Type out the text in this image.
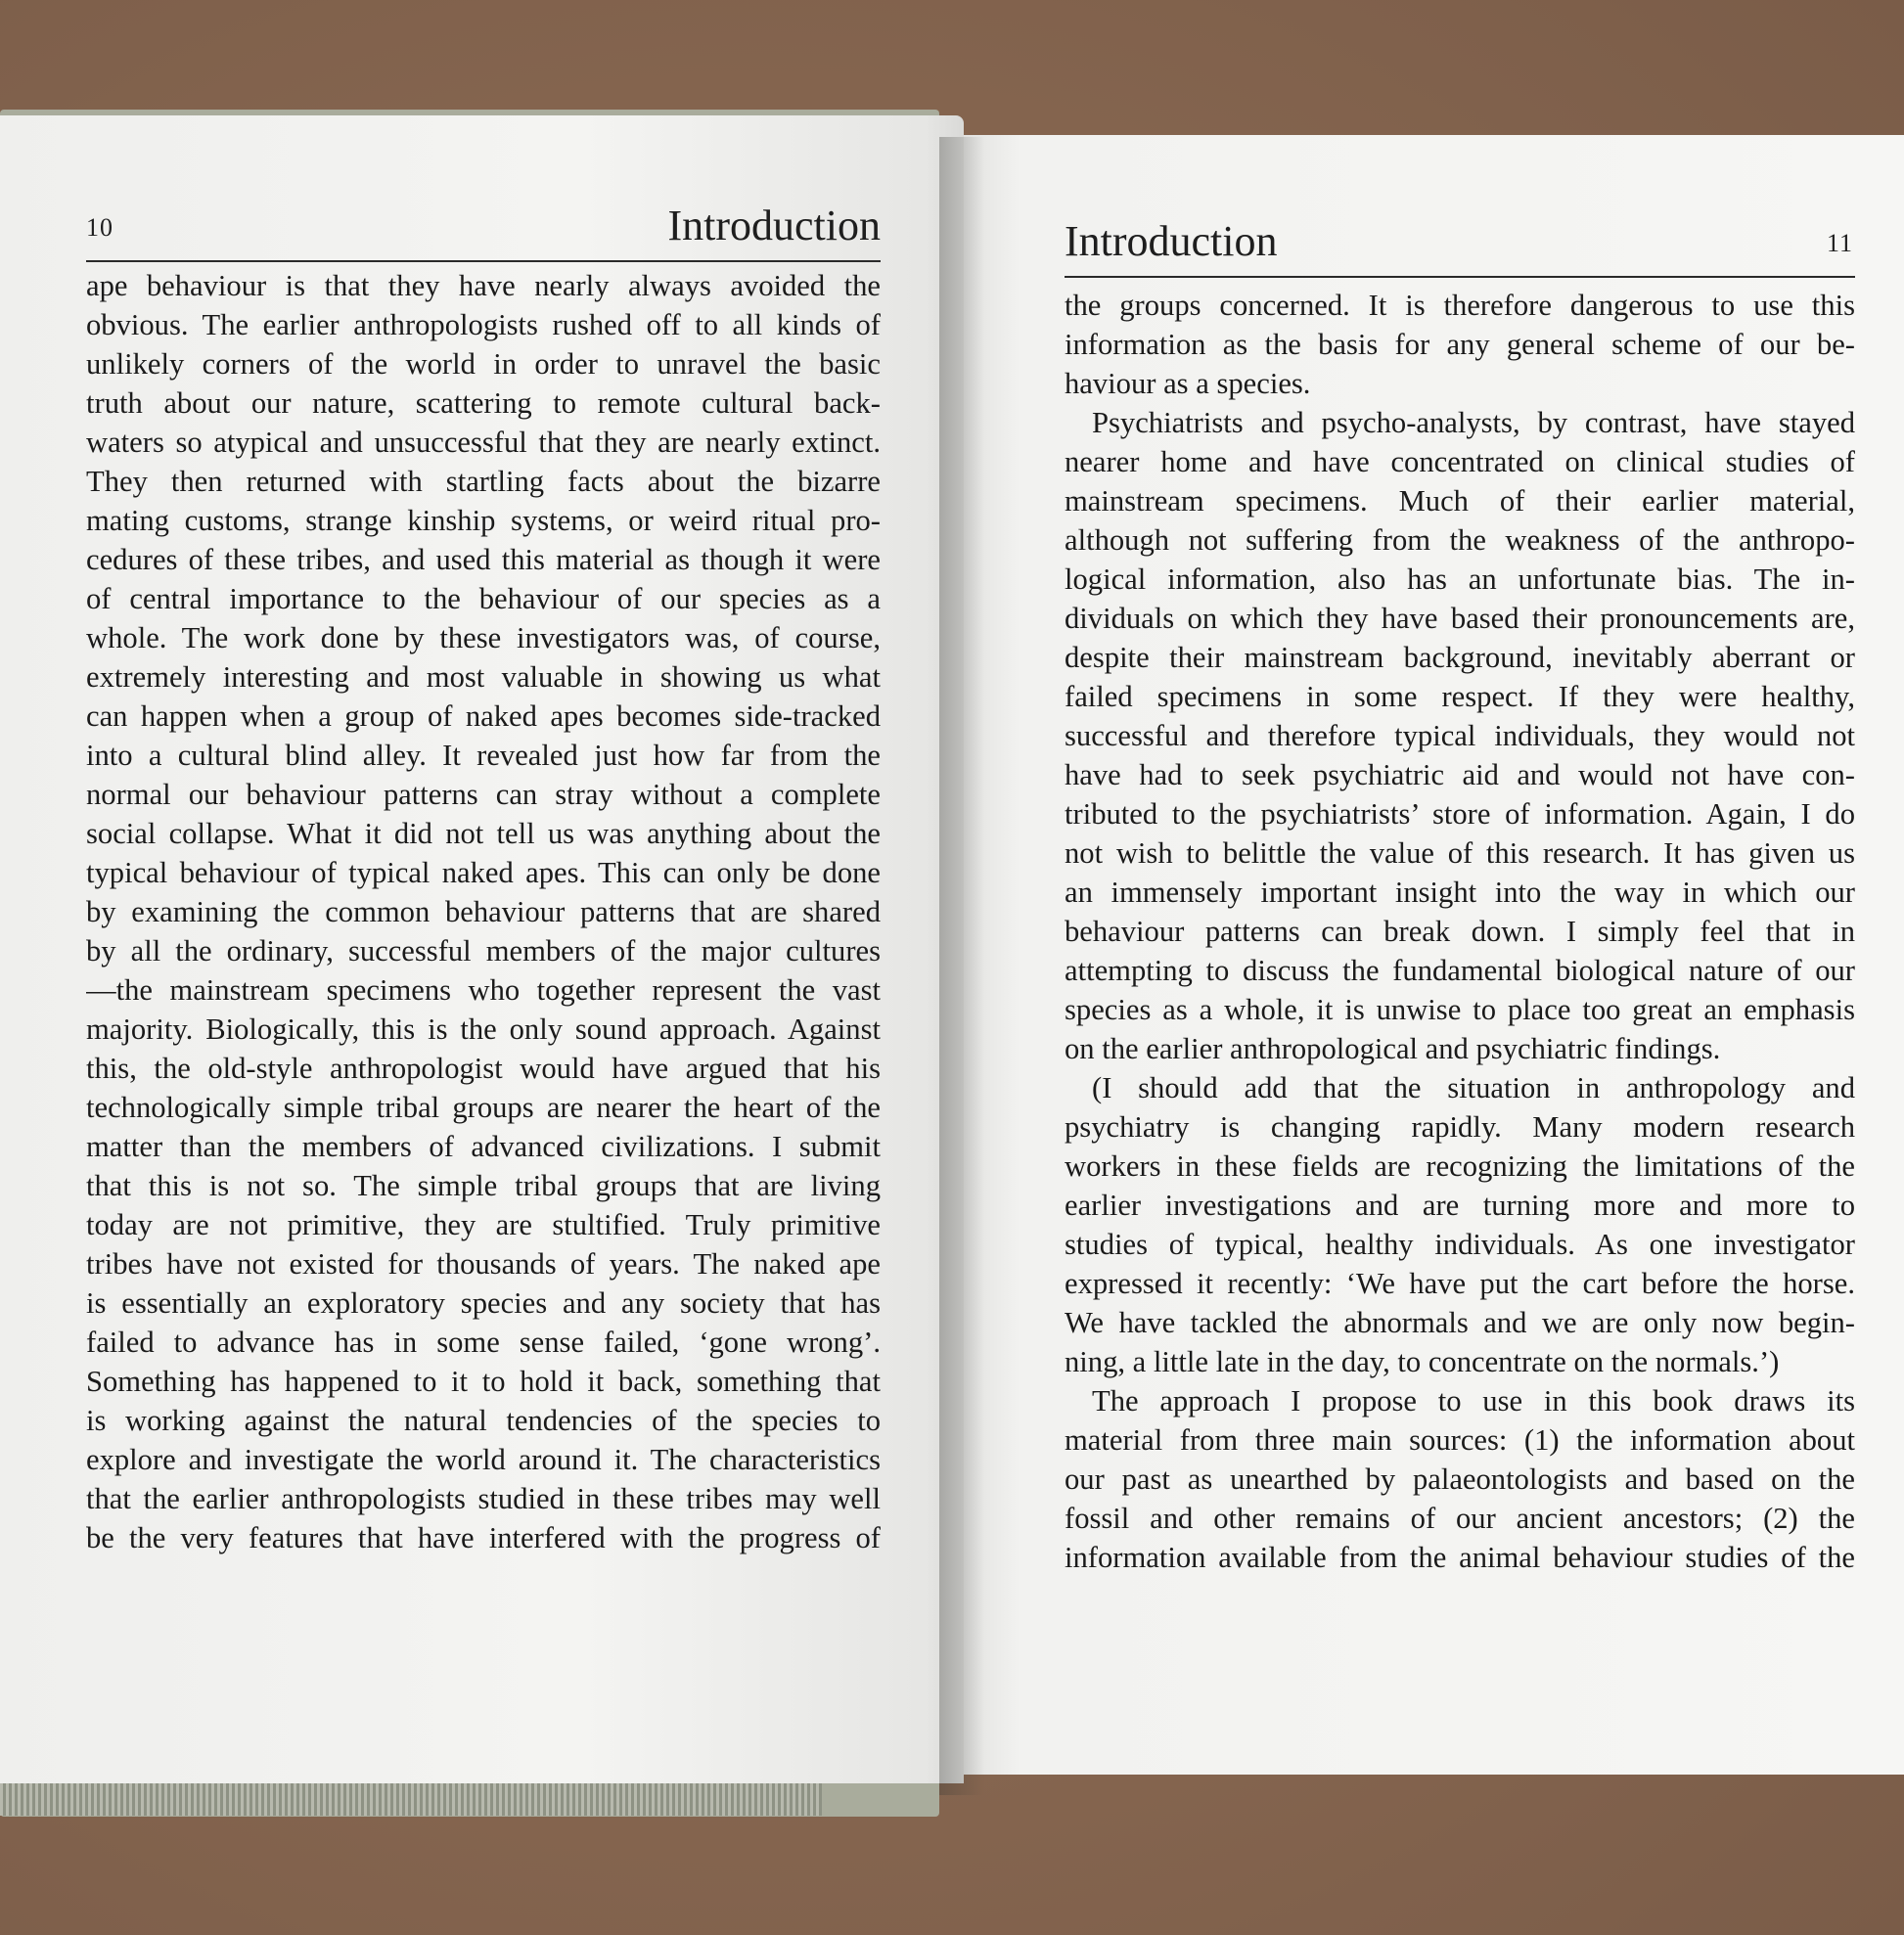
10	Introduction	Introduction	11
ape behaviour is that they have nearly always avoided the
obvious. The earlier anthropologists rushed off to all kinds of
unlikely corners of the world in order to unravel the basic
truth about our nature, scattering to remote cultural back-
waters so atypical and unsuccessful that they are nearly extinct.
They then returned with startling facts about the bizarre
mating customs, strange kinship systems, or weird ritual pro-
cedures of these tribes, and used this material as though it were
of central importance to the behaviour of our species as a
whole. The work done by these investigators was, of course,
extremely interesting and most valuable in showing us what
can happen when a group of naked apes becomes side-tracked
into a cultural blind alley. It revealed just how far from the
normal our behaviour patterns can stray without a complete
social collapse. What it did not tell us was anything about the
typical behaviour of typical naked apes. This can only be done
by examining the common behaviour patterns that are shared
by all the ordinary, successful members of the major cultures
—the mainstream specimens who together represent the vast
majority. Biologically, this is the only sound approach. Against
this, the old-style anthropologist would have argued that his
technologically simple tribal groups are nearer the heart of the
matter than the members of advanced civilizations. I submit
that this is not so. The simple tribal groups that are living
today are not primitive, they are stultified. Truly primitive
tribes have not existed for thousands of years. The naked ape
is essentially an exploratory species and any society that has
failed to advance has in some sense failed, ‘gone wrong’.
Something has happened to it to hold it back, something that
is working against the natural tendencies of the species to
explore and investigate the world around it. The characteristics
that the earlier anthropologists studied in these tribes may well
be the very features that have interfered with the progress of
the groups concerned. It is therefore dangerous to use this
information as the basis for any general scheme of our be-
haviour as a species.
Psychiatrists and psycho-analysts, by contrast, have stayed
nearer home and have concentrated on clinical studies of
mainstream specimens. Much of their earlier material,
although not suffering from the weakness of the anthropo-
logical information, also has an unfortunate bias. The in-
dividuals on which they have based their pronouncements are,
despite their mainstream background, inevitably aberrant or
failed specimens in some respect. If they were healthy,
successful and therefore typical individuals, they would not
have had to seek psychiatric aid and would not have con-
tributed to the psychiatrists’ store of information. Again, I do
not wish to belittle the value of this research. It has given us
an immensely important insight into the way in which our
behaviour patterns can break down. I simply feel that in
attempting to discuss the fundamental biological nature of our
species as a whole, it is unwise to place too great an emphasis
on the earlier anthropological and psychiatric findings.
(I should add that the situation in anthropology and
psychiatry is changing rapidly. Many modern research
workers in these fields are recognizing the limitations of the
earlier investigations and are turning more and more to
studies of typical, healthy individuals. As one investigator
expressed it recently: ‘We have put the cart before the horse.
We have tackled the abnormals and we are only now begin-
ning, a little late in the day, to concentrate on the normals.’)
The approach I propose to use in this book draws its
material from three main sources: (1) the information about
our past as unearthed by palaeontologists and based on the
fossil and other remains of our ancient ancestors; (2) the
information available from the animal behaviour studies of the
